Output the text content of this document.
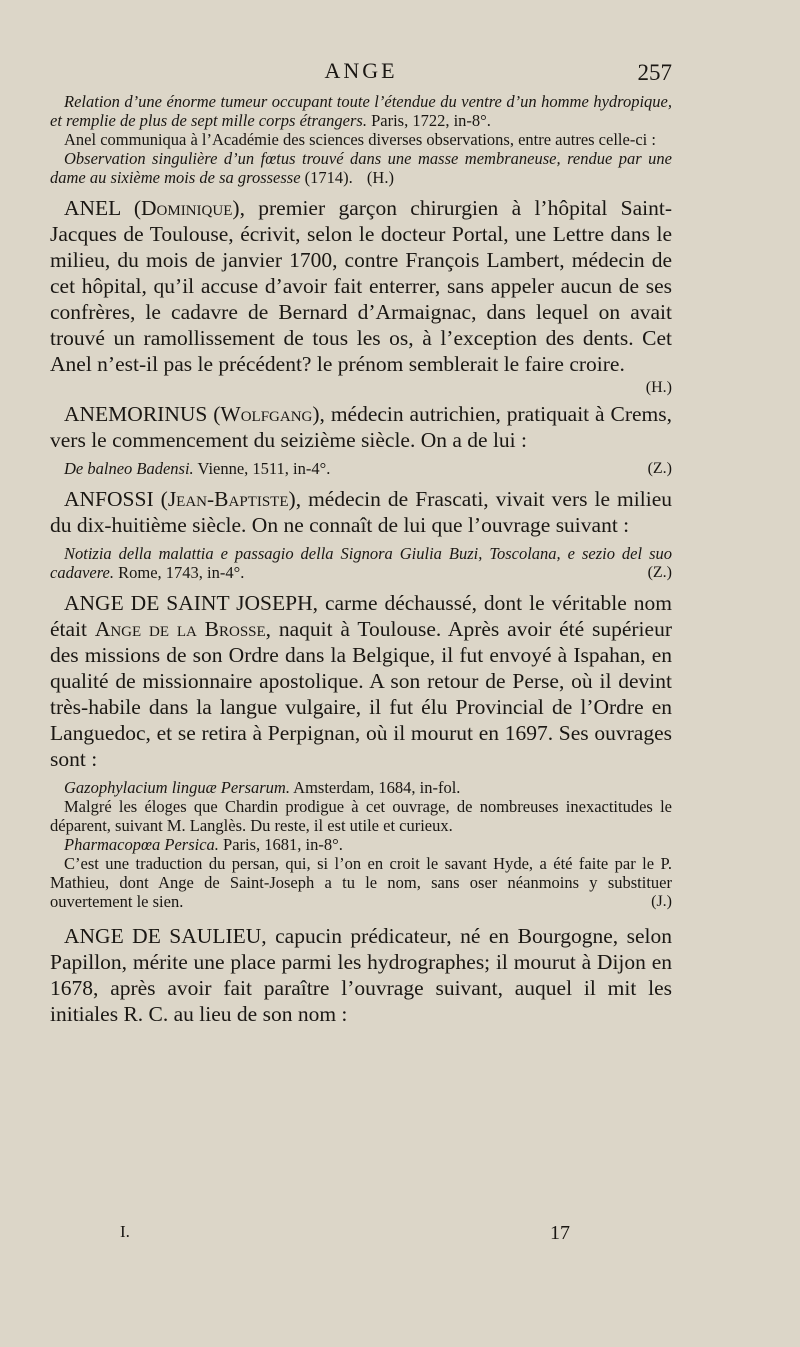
ANGE	257

Relation d’une énorme tumeur occupant toute l’étendue du ventre d’un homme hydropique, et remplie de plus de sept mille corps étrangers. Paris, 1722, in-8°.

Anel communiqua à l’Académie des sciences diverses observations, entre autres celle-ci :

Observation singulière d’un fœtus trouvé dans une masse membraneuse, rendue par une dame au sixième mois de sa grossesse (1714). (H.)

ANEL (Dominique), premier garçon chirurgien à l’hôpital Saint-Jacques de Toulouse, écrivit, selon le docteur Portal, une Lettre dans le milieu, du mois de janvier 1700, contre François Lambert, médecin de cet hôpital, qu’il accuse d’avoir fait enterrer, sans appeler aucun de ses confrères, le cadavre de Bernard d’Armaignac, dans lequel on avait trouvé un ramollissement de tous les os, à l’exception des dents. Cet Anel n’est-il pas le précédent? le prénom semblerait le faire croire.

(H.)

ANEMORINUS (Wolfgang), médecin autrichien, pratiquait à Crems, vers le commencement du seizième siècle. On a de lui :

De balneo Badensi. Vienne, 1511, in-4°.	(Z.)

ANFOSSI (Jean-Baptiste), médecin de Frascati, vivait vers le milieu du dix-huitième siècle. On ne connaît de lui que l’ouvrage suivant :

Notizia della malattia e passagio della Signora Giulia Buzi, Toscolana, e sezio del suo cadavere. Rome, 1743, in-4°.	(Z.)

ANGE DE SAINT JOSEPH, carme déchaussé, dont le véritable nom était Ange de la Brosse, naquit à Toulouse. Après avoir été supérieur des missions de son Ordre dans la Belgique, il fut envoyé à Ispahan, en qualité de missionnaire apostolique. A son retour de Perse, où il devint très-habile dans la langue vulgaire, il fut élu Provincial de l’Ordre en Languedoc, et se retira à Perpignan, où il mourut en 1697. Ses ouvrages sont :

Gazophylacium linguæ Persarum. Amsterdam, 1684, in-fol.

Malgré les éloges que Chardin prodigue à cet ouvrage, de nombreuses inexactitudes le déparent, suivant M. Langlès. Du reste, il est utile et curieux.

Pharmacopœa Persica. Paris, 1681, in-8°.

C’est une traduction du persan, qui, si l’on en croit le savant Hyde, a été faite par le P. Mathieu, dont Ange de Saint-Joseph a tu le nom, sans oser néanmoins y substituer ouvertement le sien.	(J.)

ANGE DE SAULIEU, capucin prédicateur, né en Bourgogne, selon Papillon, mérite une place parmi les hydrographes; il mourut à Dijon en 1678, après avoir fait paraître l’ouvrage suivant, auquel il mit les initiales R. C. au lieu de son nom :

I.	17
